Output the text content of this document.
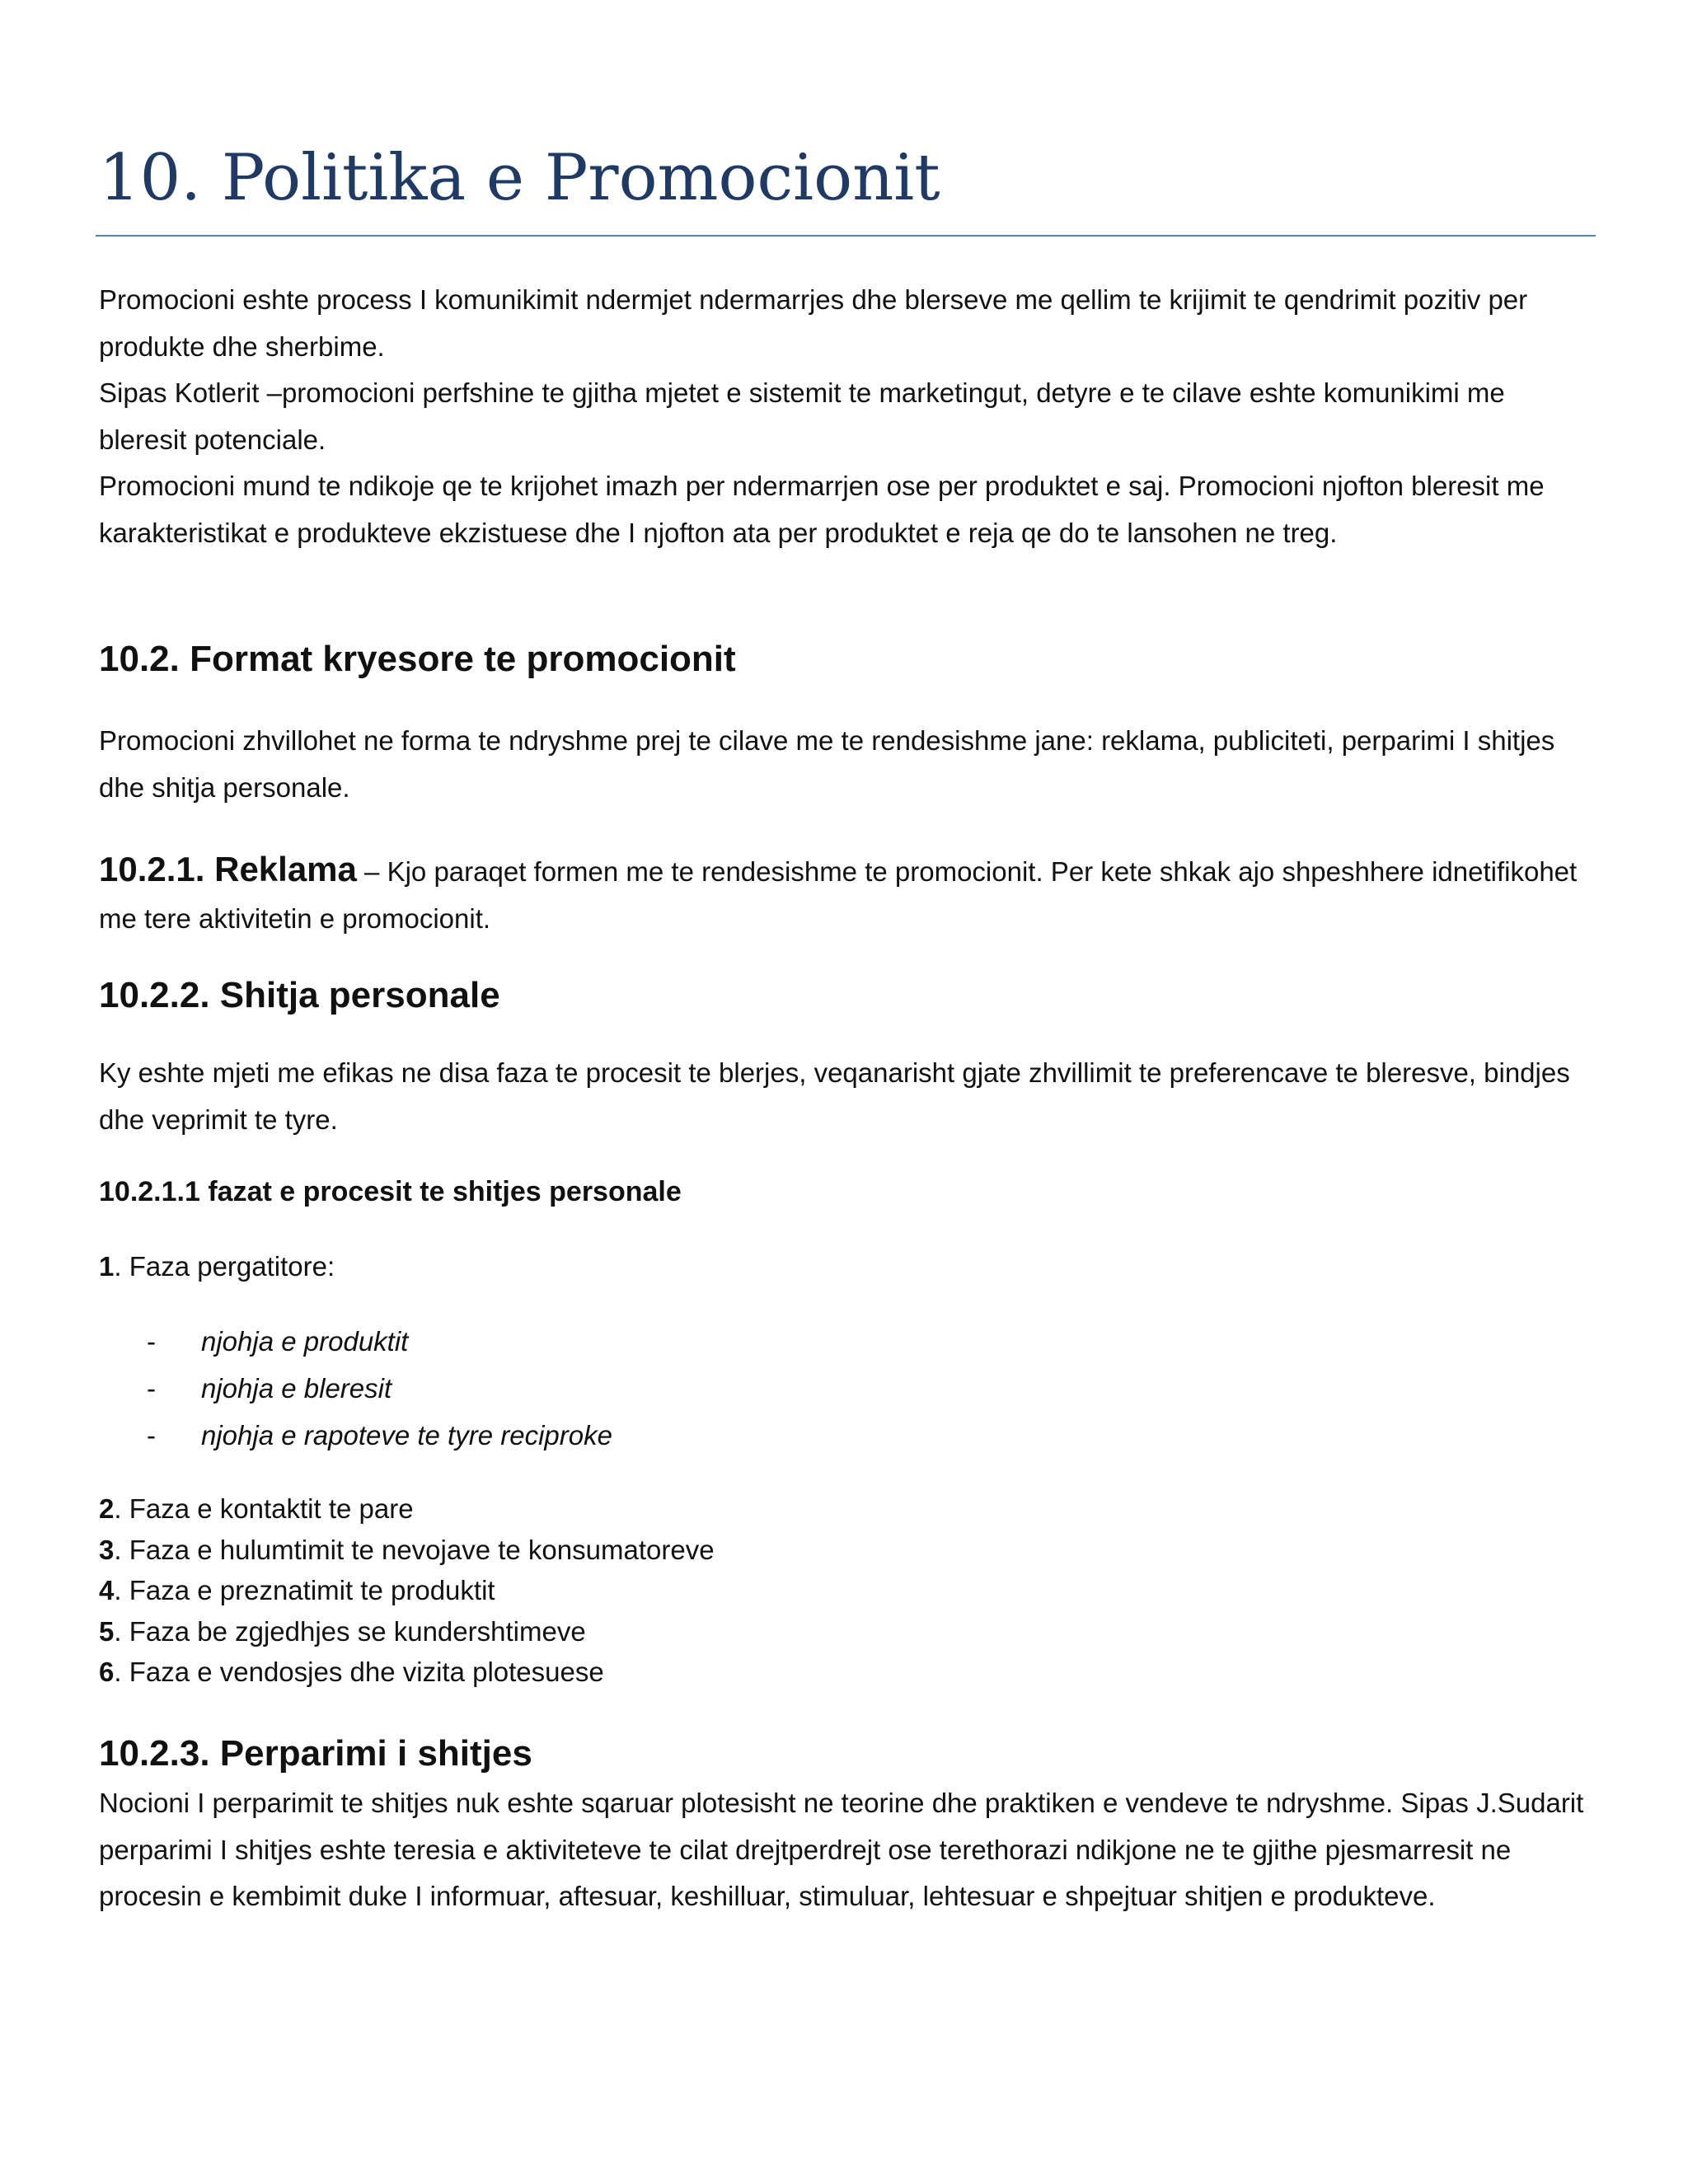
10. Politika e Promocionit

Promocioni eshte process I komunikimit ndermjet ndermarrjes dhe blerseve me qellim te krijimit te qendrimit pozitiv per produkte dhe sherbime.

Sipas Kotlerit –promocioni perfshine te gjitha mjetet e sistemit te marketingut, detyre e te cilave eshte komunikimi me bleresit potenciale.

Promocioni mund te ndikoje qe te krijohet imazh per ndermarrjen ose per produktet e saj. Promocioni njofton bleresit me karakteristikat e produkteve ekzistuese dhe I njofton ata per produktet e reja qe do te lansohen ne treg.

10.2. Format kryesore te promocionit

Promocioni zhvillohet ne forma te ndryshme prej te cilave me te rendesishme jane: reklama, publiciteti, perparimi I shitjes dhe shitja personale.

10.2.1. Reklama – Kjo paraqet formen me te rendesishme te promocionit. Per kete shkak ajo shpeshhere idnetifikohet me tere aktivitetin e promocionit.

10.2.2. Shitja personale

Ky eshte mjeti me efikas ne disa faza te procesit te blerjes, veqanarisht gjate zhvillimit te preferencave te bleresve, bindjes dhe veprimit te tyre.

10.2.1.1 fazat e procesit te shitjes personale

1. Faza pergatitore:

- njohja e produktit
- njohja e bleresit
- njohja e rapoteve te tyre reciproke
2. Faza e kontaktit te pare
3. Faza e hulumtimit te nevojave te konsumatoreve
4. Faza e preznatimit te produktit
5. Faza be zgjedhjes se kundershtimeve
6. Faza e vendosjes dhe vizita plotesuese
10.2.3. Perparimi i shitjes

Nocioni I perparimit te shitjes nuk eshte sqaruar plotesisht ne teorine dhe praktiken e vendeve te ndryshme. Sipas J.Sudarit perparimi I shitjes eshte teresia e aktiviteteve te cilat drejtperdrejt ose terethorazi ndikjone ne te gjithe pjesmarresit ne procesin e kembimit duke I informuar, aftesuar, keshilluar, stimuluar, lehtesuar e shpejtuar shitjen e produkteve.
